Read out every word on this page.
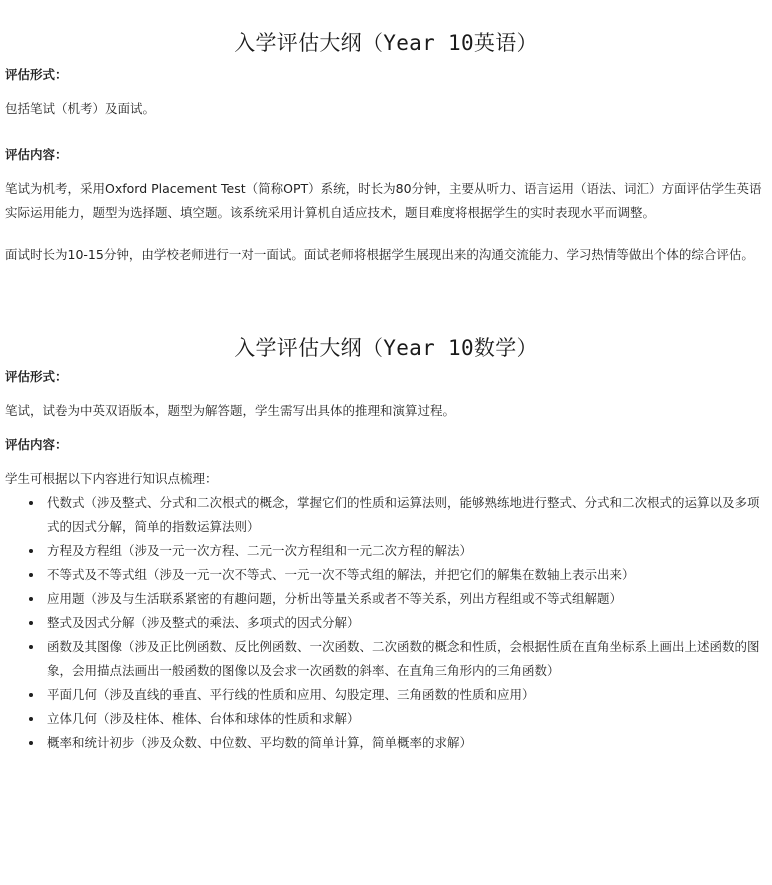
入学评估大纲（Year 10英语）

评估形式：

包括笔试（机考）及面试。

评估内容：

笔试为机考，采用Oxford Placement Test（简称OPT）系统，时长为80分钟，主要从听力、语言运用（语法、词汇）方面评估学生英语实际运用能力，题型为选择题、填空题。该系统采用计算机自适应技术，题目难度将根据学生的实时表现水平而调整。

面试时长为10-15分钟，由学校老师进行一对一面试。面试老师将根据学生展现出来的沟通交流能力、学习热情等做出个体的综合评估。

入学评估大纲（Year 10数学）

评估形式：

笔试，试卷为中英双语版本，题型为解答题，学生需写出具体的推理和演算过程。

评估内容：

学生可根据以下内容进行知识点梳理：

• 代数式（涉及整式、分式和二次根式的概念，掌握它们的性质和运算法则，能够熟练地进行整式、分式和二次根式的运算以及多项式的因式分解，简单的指数运算法则）
• 方程及方程组（涉及一元一次方程、二元一次方程组和一元二次方程的解法）
• 不等式及不等式组（涉及一元一次不等式、一元一次不等式组的解法，并把它们的解集在数轴上表示出来）
• 应用题（涉及与生活联系紧密的有趣问题，分析出等量关系或者不等关系，列出方程组或不等式组解题）
• 整式及因式分解（涉及整式的乘法、多项式的因式分解）
• 函数及其图像（涉及正比例函数、反比例函数、一次函数、二次函数的概念和性质，会根据性质在直角坐标系上画出上述函数的图象，会用描点法画出一般函数的图像以及会求一次函数的斜率、在直角三角形内的三角函数）
• 平面几何（涉及直线的垂直、平行线的性质和应用、勾股定理、三角函数的性质和应用）
• 立体几何（涉及柱体、椎体、台体和球体的性质和求解）
• 概率和统计初步（涉及众数、中位数、平均数的简单计算，简单概率的求解）
